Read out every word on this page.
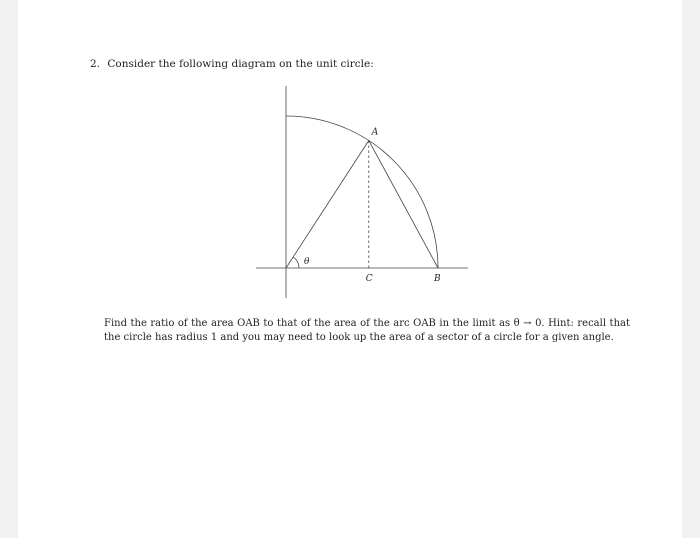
2. Consider the following diagram on the unit circle:
A
B
C
θ
Find the ratio of the area OAB to that of the area of the arc OAB in the limit as θ → 0. Hint: recall that the circle has radius 1 and you may need to look up the area of a sector of a circle for a given angle.
